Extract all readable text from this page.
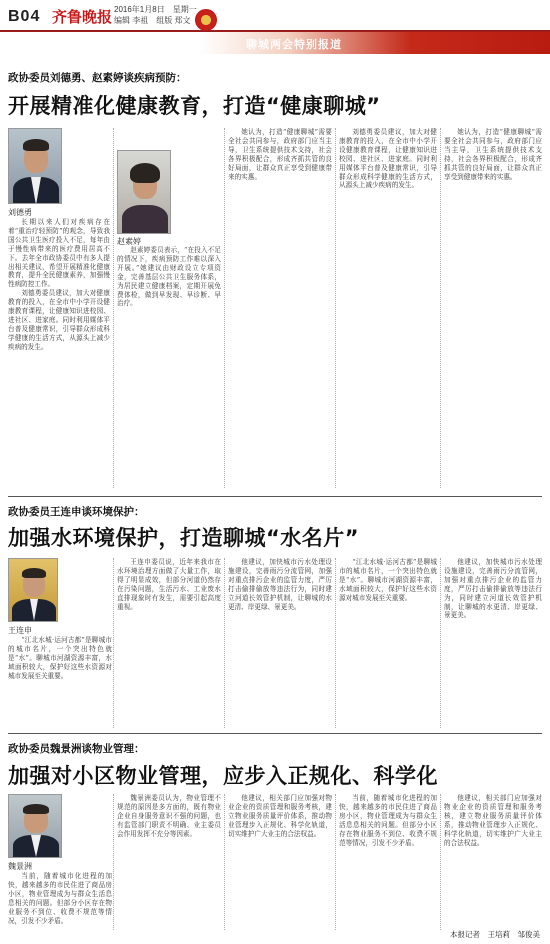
B04 齐鲁晚报 2016年1月8日　星期一
编辑 李祖　组版 郑文
聊城两会特别报道
政协委员刘德勇、赵素婷谈疾病预防：
开展精准化健康教育，打造“健康聊城”
刘德勇
赵素婷

长期以来人们对疾病存在着“重治疗轻预防”的观念，导致我国公共卫生医疗投入不足，每年由于慢性病带来的医疗费用居高不下。去年全市政协委员中有多人提出相关建议，希望开展精准化健康教育，提升全民健康素养，加强慢性病防控工作。

刘德勇委员建议，加大对健康教育的投入，在全市中小学开设健康教育课程，让健康知识进校园、进社区、进家庭。同时利用媒体平台普及健康常识，引导群众形成科学健康的生活方式，从源头上减少疾病的发生。

赵素婷委员表示，“在投入不足的情况下，疾病预防工作难以深入开展。”她建议由财政设立专项资金，完善基层公共卫生服务体系，为居民建立健康档案，定期开展免费体检，做到早发现、早诊断、早治疗。

她认为，打造“健康聊城”需要全社会共同参与，政府部门应当主导，卫生系统提供技术支持，社会各界积极配合，形成齐抓共管的良好局面，让群众真正享受到健康带来的实惠。

刘德勇委员建议，加大对健康教育的投入，在全市中小学开设健康教育课程，让健康知识进校园、进社区、进家庭。同时利用媒体平台普及健康常识，引导群众形成科学健康的生活方式，从源头上减少疾病的发生。

她认为，打造“健康聊城”需要全社会共同参与，政府部门应当主导，卫生系统提供技术支持，社会各界积极配合，形成齐抓共管的良好局面，让群众真正享受到健康带来的实惠。

政协委员王连申谈环境保护：
加强水环境保护，打造聊城“水名片”
王连申

“江北水城·运河古都”是聊城市的城市名片，一个突出特色就是“水”。聊城市河湖资源丰富，水域面积较大，保护好这些水资源对城市发展至关重要。

王连申委员说，近年来我市在水环境治理方面做了大量工作，取得了明显成效，但部分河道仍然存在污染问题，生活污水、工业废水直排现象时有发生，需要引起高度重视。

他建议，加快城市污水处理设施建设，完善雨污分流管网，加强对重点排污企业的监管力度，严厉打击偷排偷放等违法行为，同时建立河道长效管护机制，让聊城的水更清、岸更绿、景更美。

“江北水城·运河古都”是聊城市的城市名片，一个突出特色就是“水”。聊城市河湖资源丰富，水域面积较大，保护好这些水资源对城市发展至关重要。

他建议，加快城市污水处理设施建设，完善雨污分流管网，加强对重点排污企业的监管力度，严厉打击偷排偷放等违法行为，同时建立河道长效管护机制，让聊城的水更清、岸更绿、景更美。

政协委员魏景洲谈物业管理：
加强对小区物业管理，应步入正规化、科学化
魏景洲

当前，随着城市化进程的加快，越来越多的市民住进了商品房小区，物业管理成为与群众生活息息相关的问题。但部分小区存在物业服务不到位、收费不规范等情况，引发不少矛盾。

魏景洲委员认为，物业管理不规范的原因是多方面的，既有物业企业自身服务意识不强的问题，也有监管部门职责不明确、业主委员会作用发挥不充分等因素。

他建议，相关部门应加强对物业企业的资质管理和服务考核，建立物业服务质量评价体系，推动物业管理步入正规化、科学化轨道，切实维护广大业主的合法权益。

当前，随着城市化进程的加快，越来越多的市民住进了商品房小区，物业管理成为与群众生活息息相关的问题。但部分小区存在物业服务不到位、收费不规范等情况，引发不少矛盾。

他建议，相关部门应加强对物业企业的资质管理和服务考核，建立物业服务质量评价体系，推动物业管理步入正规化、科学化轨道，切实维护广大业主的合法权益。

本报记者　王培莉　邹俊美
